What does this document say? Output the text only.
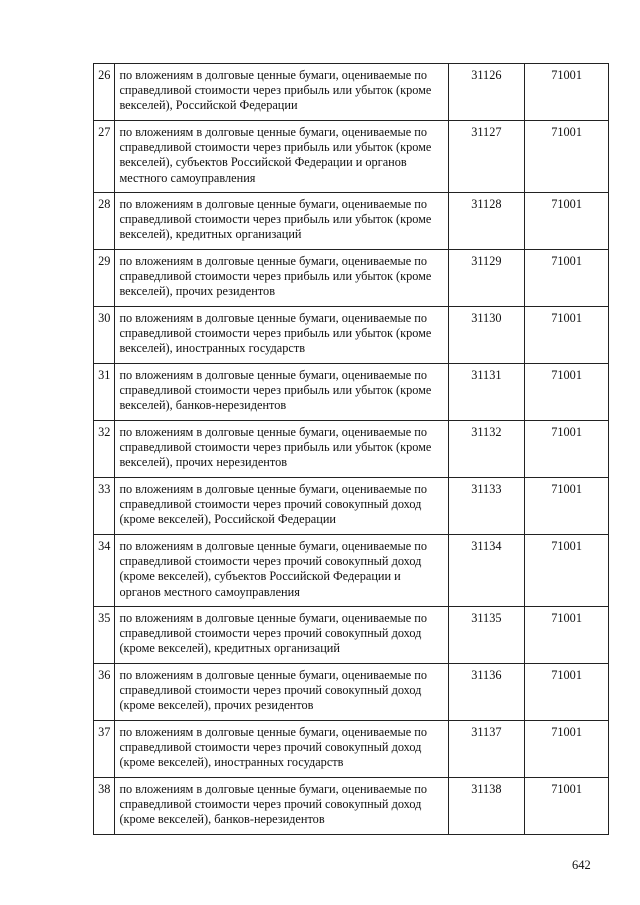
26	по вложениям в долговые ценные бумаги, оцениваемые по справедливой стоимости через прибыль или убыток (кроме векселей), Российской Федерации	31126	71001
27	по вложениям в долговые ценные бумаги, оцениваемые по справедливой стоимости через прибыль или убыток (кроме векселей), субъектов Российской Федерации и органов местного самоуправления	31127	71001
28	по вложениям в долговые ценные бумаги, оцениваемые по справедливой стоимости через прибыль или убыток (кроме векселей), кредитных организаций	31128	71001
29	по вложениям в долговые ценные бумаги, оцениваемые по справедливой стоимости через прибыль или убыток (кроме векселей), прочих резидентов	31129	71001
30	по вложениям в долговые ценные бумаги, оцениваемые по справедливой стоимости через прибыль или убыток (кроме векселей), иностранных государств	31130	71001
31	по вложениям в долговые ценные бумаги, оцениваемые по справедливой стоимости через прибыль или убыток (кроме векселей), банков-нерезидентов	31131	71001
32	по вложениям в долговые ценные бумаги, оцениваемые по справедливой стоимости через прибыль или убыток (кроме векселей), прочих нерезидентов	31132	71001
33	по вложениям в долговые ценные бумаги, оцениваемые по справедливой стоимости через прочий совокупный доход (кроме векселей), Российской Федерации	31133	71001
34	по вложениям в долговые ценные бумаги, оцениваемые по справедливой стоимости через прочий совокупный доход (кроме векселей), субъектов Российской Федерации и органов местного самоуправления	31134	71001
35	по вложениям в долговые ценные бумаги, оцениваемые по справедливой стоимости через прочий совокупный доход (кроме векселей), кредитных организаций	31135	71001
36	по вложениям в долговые ценные бумаги, оцениваемые по справедливой стоимости через прочий совокупный доход (кроме векселей), прочих резидентов	31136	71001
37	по вложениям в долговые ценные бумаги, оцениваемые по справедливой стоимости через прочий совокупный доход (кроме векселей), иностранных государств	31137	71001
38	по вложениям в долговые ценные бумаги, оцениваемые по справедливой стоимости через прочий совокупный доход (кроме векселей), банков-нерезидентов	31138	71001
642
